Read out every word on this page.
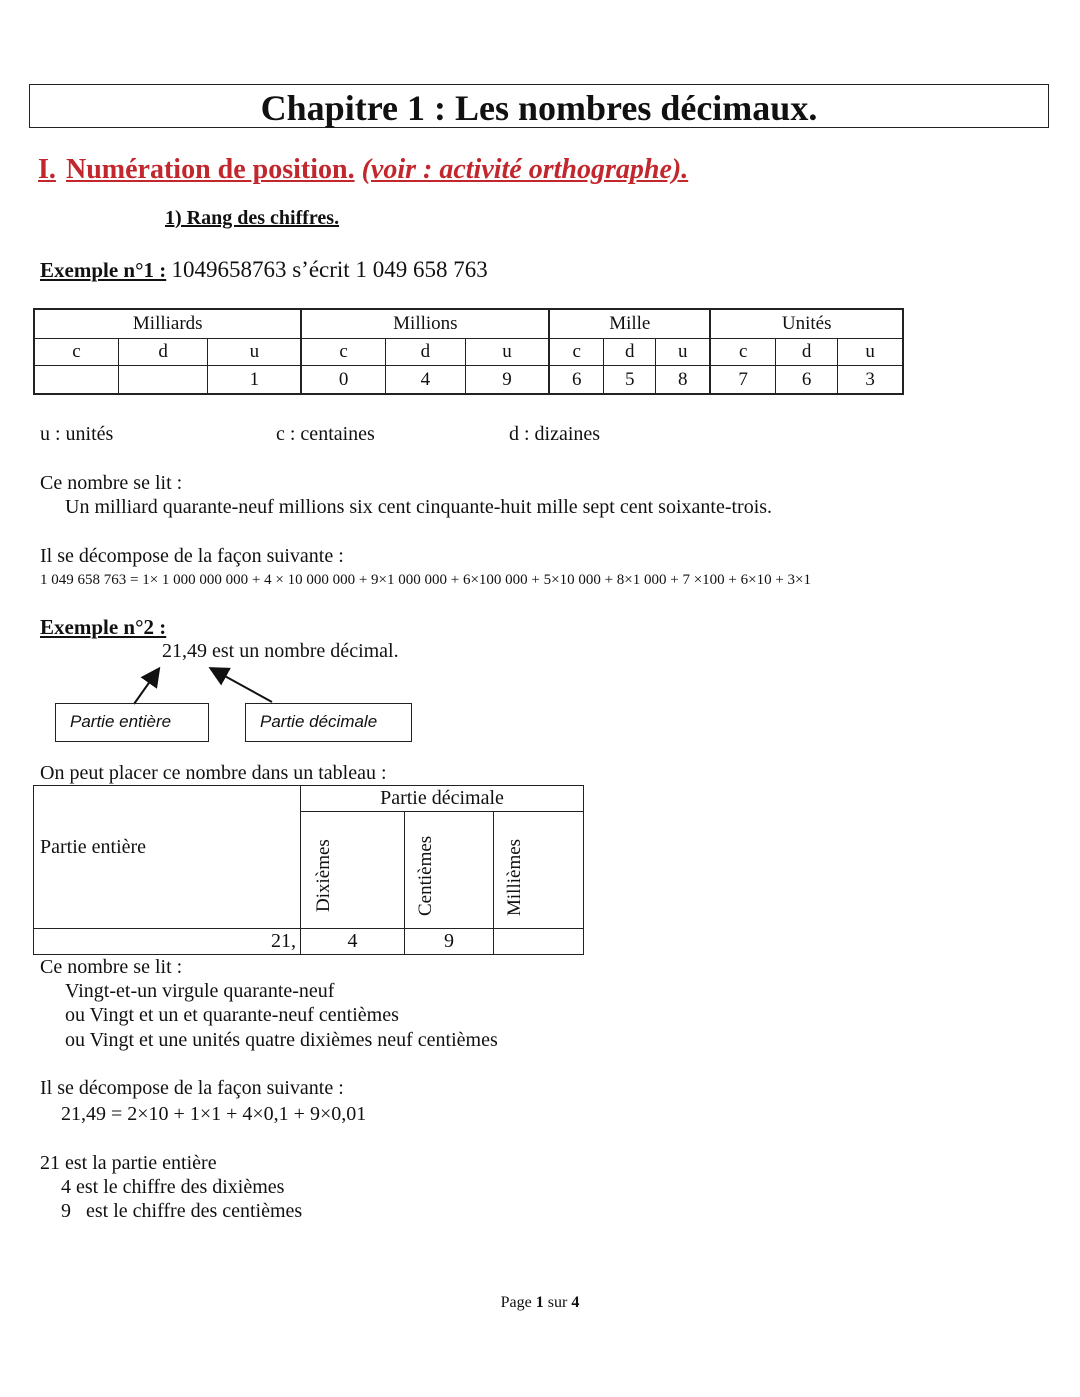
Chapitre 1 : Les nombres décimaux.
I. Numération de position. (voir : activité orthographe).
1) Rang des chiffres.
Exemple n°1 : 1049658763 s’écrit 1 049 658 763
Milliards			Millions			Mille			Unités		
c	d	u	c	d	u	c	d	u	c	d	u
		1	0	4	9	6	5	8	7	6	3
u : unités	c : centaines	d : dizaines
Ce nombre se lit :
Un milliard quarante-neuf millions six cent cinquante-huit mille sept cent soixante-trois.
Il se décompose de la façon suivante :
1 049 658 763 = 1× 1 000 000 000 + 4 × 10 000 000 + 9×1 000 000 + 6×100 000 + 5×10 000 + 8×1 000 + 7 ×100 + 6×10 + 3×1
Exemple n°2 :
21,49 est un nombre décimal.
Partie entière	Partie décimale
On peut placer ce nombre dans un tableau :
Partie entière
Partie décimale
Dixièmes	Centièmes	Millièmes
21,	4	9
Ce nombre se lit :
Vingt-et-un virgule quarante-neuf
ou Vingt et un et quarante-neuf centièmes
ou Vingt et une unités quatre dixièmes neuf centièmes
Il se décompose de la façon suivante :
21,49 = 2×10 + 1×1 + 4×0,1 + 9×0,01
21 est la partie entière
4 est le chiffre des dixièmes
9 est le chiffre des centièmes
Page 1 sur 4
